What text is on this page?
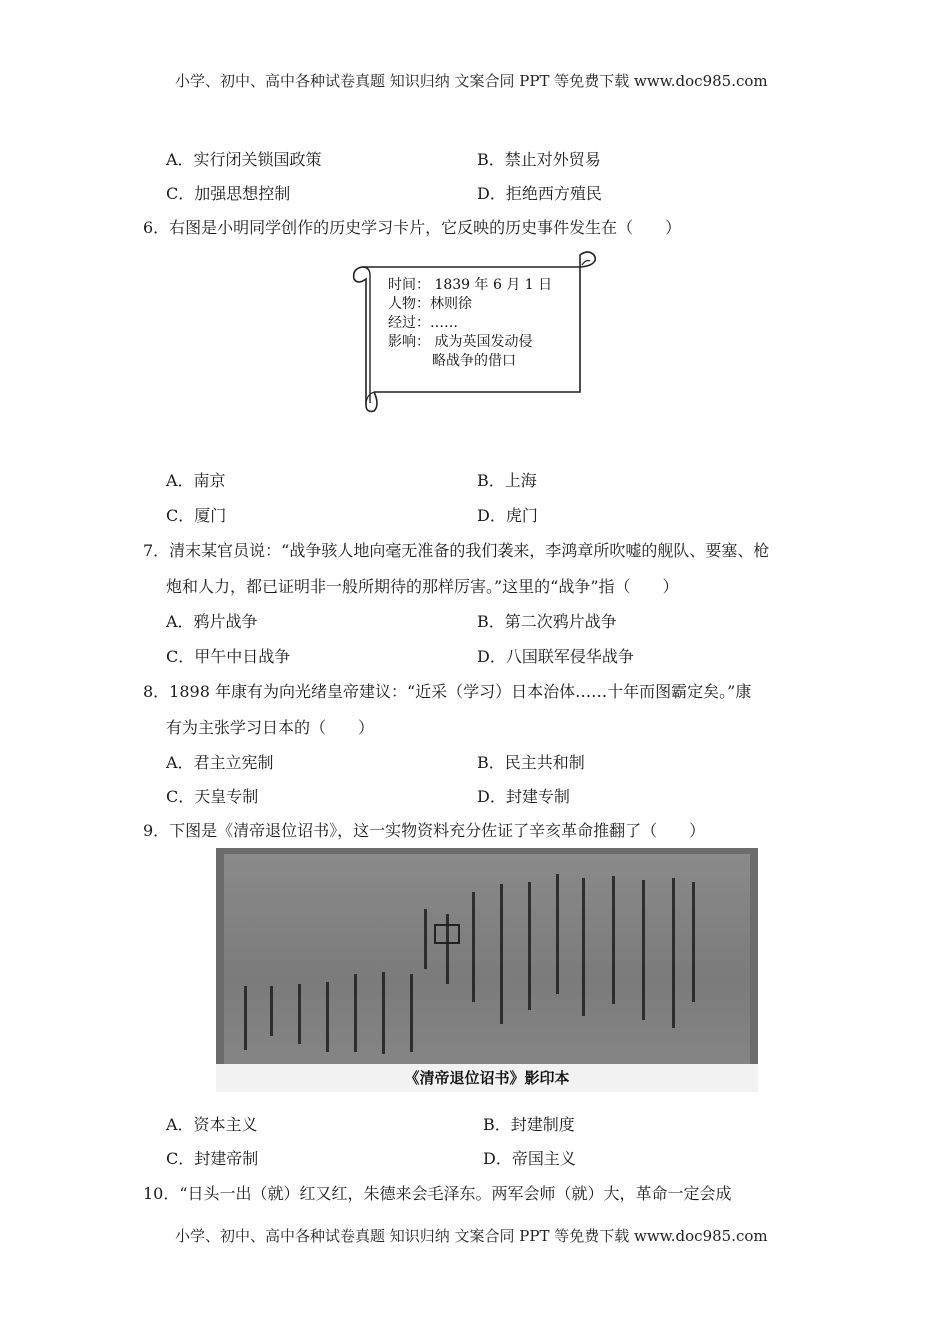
小学、初中、高中各种试卷真题 知识归纳 文案合同 PPT 等免费下载 www.doc985.com
A．实行闭关锁国政策	B．禁止对外贸易
C．加强思想控制	D．拒绝西方殖民
6．右图是小明同学创作的历史学习卡片，它反映的历史事件发生在（　　）
时间： 1839 年 6 月 1 日
人物：林则徐
经过：……
影响： 成为英国发动侵
略战争的借口
A．南京	B．上海
C．厦门	D．虎门
7．清末某官员说：“战争骇人地向毫无准备的我们袭来，李鸿章所吹嘘的舰队、要塞、枪
炮和人力，都已证明非一般所期待的那样厉害。”这里的“战争”指（　　）
A．鸦片战争	B．第二次鸦片战争
C．甲午中日战争	D．八国联军侵华战争
8．1898 年康有为向光绪皇帝建议：“近采（学习）日本治体……十年而图霸定矣。”康
有为主张学习日本的（　　）
A．君主立宪制	B．民主共和制
C．天皇专制	D．封建专制
9．下图是《清帝退位诏书》，这一实物资料充分佐证了辛亥革命推翻了（　　）
《清帝退位诏书》影印本
A．资本主义	B．封建制度
C．封建帝制	D．帝国主义
10．“日头一出（就）红又红，朱德来会毛泽东。两军会师（就）大，革命一定会成
小学、初中、高中各种试卷真题 知识归纳 文案合同 PPT 等免费下载 www.doc985.com
